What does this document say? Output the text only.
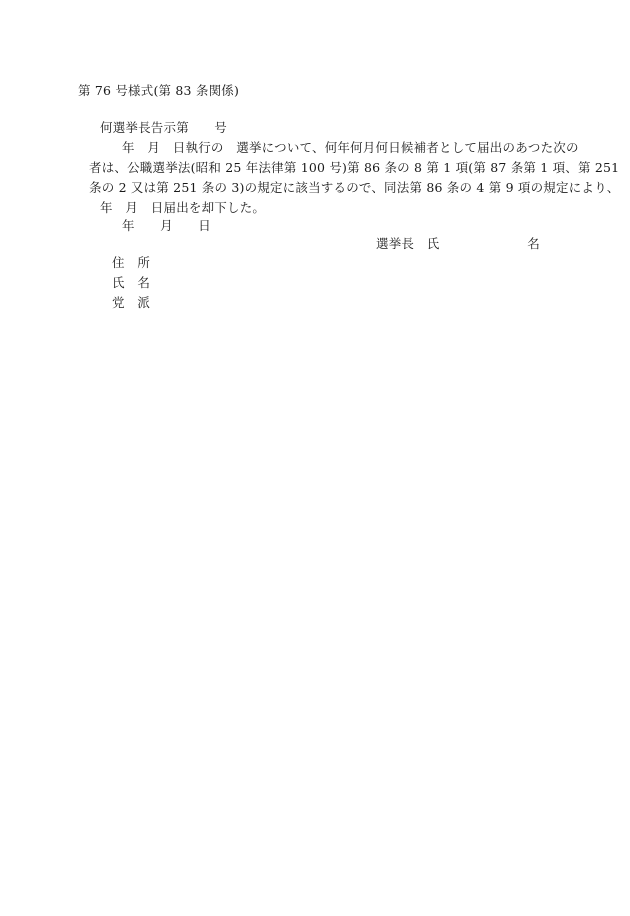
第 76 号様式(第 83 条関係)
何選挙長告示第　　号
年　月　日執行の　選挙について、何年何月何日候補者として届出のあつた次の
者は、公職選挙法(昭和 25 年法律第 100 号)第 86 条の 8 第 1 項(第 87 条第 1 項、第 251
条の 2 又は第 251 条の 3)の規定に該当するので、同法第 86 条の 4 第 9 項の規定により、
年　月　日届出を却下した。
年　　月　　日
選挙長　氏	名
住　所
氏　名
党　派
